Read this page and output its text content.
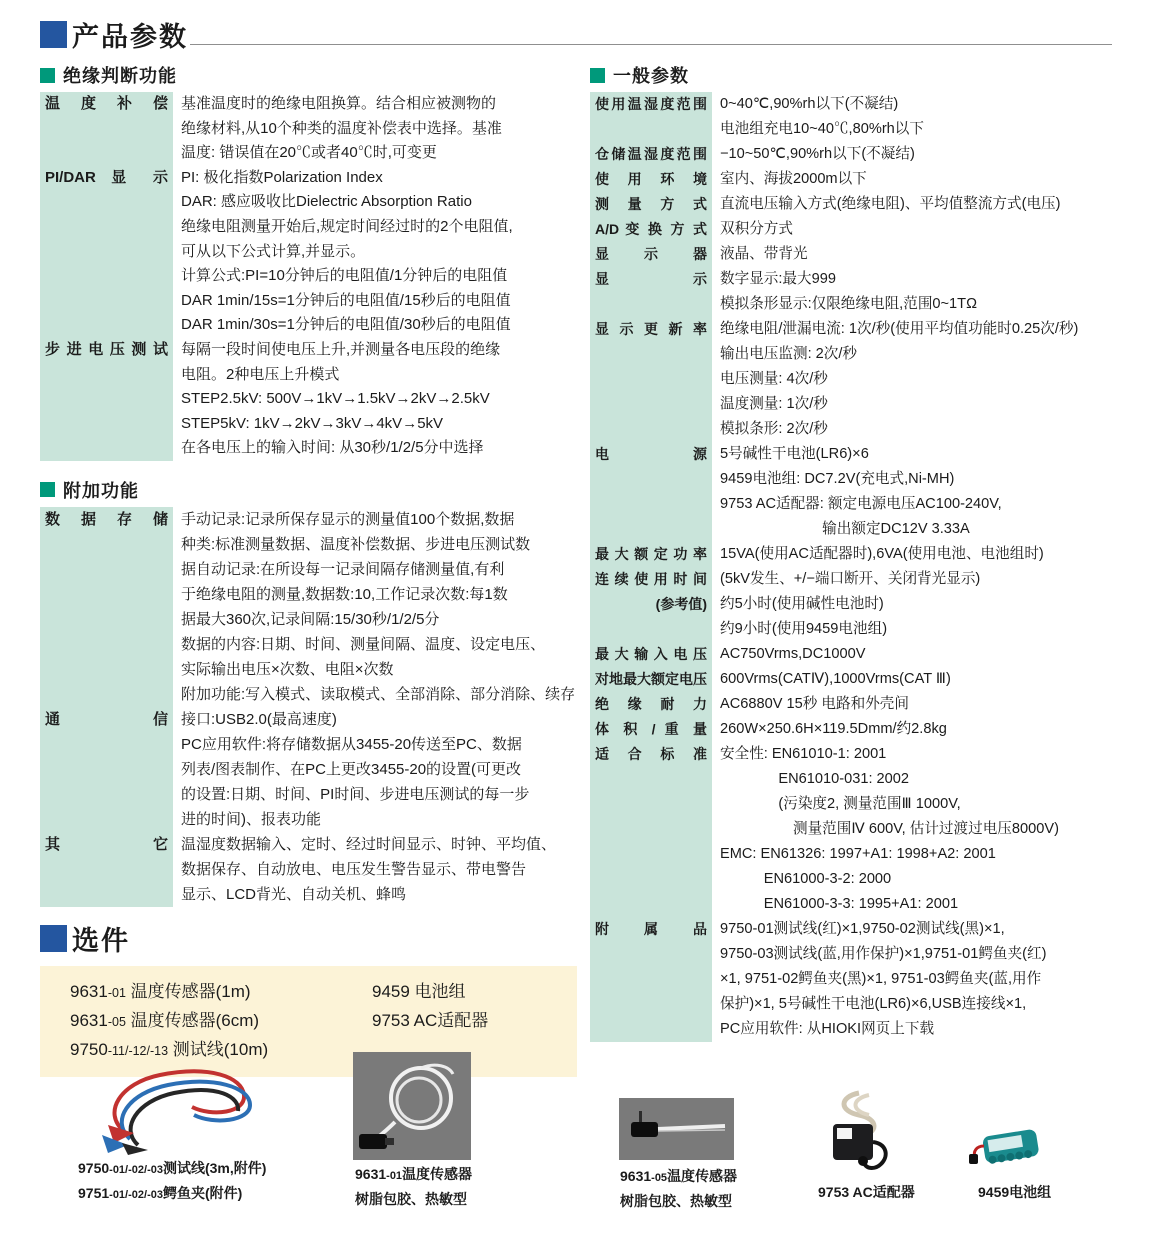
产品参数
绝缘判断功能
温 度 补 偿 基准温度时的绝缘电阻换算。结合相应被测物的
绝缘材料,从10个种类的温度补偿表中选择。基准
温度: 错误值在20℃或者40℃时,可变更
PI/DAR 显 示 PI: 极化指数Polarization Index
DAR: 感应吸收比Dielectric Absorption Ratio
绝缘电阻测量开始后,规定时间经过时的2个电阻值,
可从以下公式计算,并显示。
计算公式:PI=10分钟后的电阻值/1分钟后的电阻值
DAR 1min/15s=1分钟后的电阻值/15秒后的电阻值
DAR 1min/30s=1分钟后的电阻值/30秒后的电阻值
步 进 电 压 测 试 每隔一段时间使电压上升,并测量各电压段的绝缘
电阻。2种电压上升模式
STEP2.5kV: 500V→1kV→1.5kV→2kV→2.5kV
STEP5kV: 1kV→2kV→3kV→4kV→5kV
在各电压上的输入时间: 从30秒/1/2/5分中选择
附加功能
数 据 存 储 手动记录:记录所保存显示的测量值100个数据,数据
种类:标准测量数据、温度补偿数据、步进电压测试数
据自动记录:在所设每一记录间隔存储测量值,有利
于绝缘电阻的测量,数据数:10,工作记录次数:每1数
据最大360次,记录间隔:15/30秒/1/2/5分
数据的内容:日期、时间、测量间隔、温度、设定电压、
实际输出电压×次数、电阻×次数
附加功能:写入模式、读取模式、全部消除、部分消除、续存
通 信 接口:USB2.0(最高速度)
PC应用软件:将存储数据从3455-20传送至PC、数据
列表/图表制作、在PC上更改3455-20的设置(可更改
的设置:日期、时间、PI时间、步进电压测试的每一步
进的时间)、报表功能
其 它 温湿度数据输入、定时、经过时间显示、时钟、平均值、
数据保存、自动放电、电压发生警告显示、带电警告
显示、LCD背光、自动关机、蜂鸣
选件
9631-01 温度传感器(1m)
9631-05 温度传感器(6cm)
9750-11/-12/-13 测试线(10m)
9459 电池组
9753 AC适配器
一般参数
使用温湿度范围 0~40℃,90%rh以下(不凝结)
电池组充电10~40℃,80%rh以下
仓储温湿度范围 −10~50℃,90%rh以下(不凝结)
使 用 环 境 室内、海拔2000m以下
测 量 方 式 直流电压输入方式(绝缘电阻)、平均值整流方式(电压)
A/D 变 换 方 式 双积分方式
显 示 器 液晶、带背光
显 示 数字显示:最大999
模拟条形显示:仅限绝缘电阻,范围0~1TΩ
显 示 更 新 率 绝缘电阻/泄漏电流: 1次/秒(使用平均值功能时0.25次/秒)
输出电压监测: 2次/秒
电压测量: 4次/秒
温度测量: 1次/秒
模拟条形: 2次/秒
电 源 5号碱性干电池(LR6)×6
9459电池组: DC7.2V(充电式,Ni-MH)
9753 AC适配器: 额定电源电压AC100-240V,
　　　　　　　输出额定DC12V 3.33A
最 大 额 定 功 率 15VA(使用AC适配器时),6VA(使用电池、电池组时)
连 续 使 用 时 间
(参考值)
(5kV发生、+/−端口断开、关闭背光显示)
约5小时(使用碱性电池时)
约9小时(使用9459电池组)
最 大 输 入 电 压 AC750Vrms,DC1000V
对地最大额定电压 600Vrms(CATⅣ),1000Vrms(CAT Ⅲ)
绝 缘 耐 力 AC6880V 15秒 电路和外壳间
体 积 / 重 量 260W×250.6H×119.5Dmm/约2.8kg
适 合 标 准 安全性: EN61010-1: 2001
　　　　EN61010-031: 2002
　　　　(污染度2, 测量范围Ⅲ 1000V,
　　　　　测量范围Ⅳ 600V, 估计过渡过电压8000V)
EMC: EN61326: 1997+A1: 1998+A2: 2001
　　　EN61000-3-2: 2000
　　　EN61000-3-3: 1995+A1: 2001
附 属 品 9750-01测试线(红)×1,9750-02测试线(黑)×1,
9750-03测试线(蓝,用作保护)×1,9751-01鳄鱼夹(红)
×1, 9751-02鳄鱼夹(黑)×1, 9751-03鳄鱼夹(蓝,用作
保护)×1, 5号碱性干电池(LR6)×6,USB连接线×1,
PC应用软件: 从HIOKI网页上下载
9750-01/-02/-03测试线(3m,附件)
9751-01/-02/-03鳄鱼夹(附件)
9631-01温度传感器
树脂包胶、热敏型
9631-05温度传感器
树脂包胶、热敏型
9753 AC适配器	9459电池组
